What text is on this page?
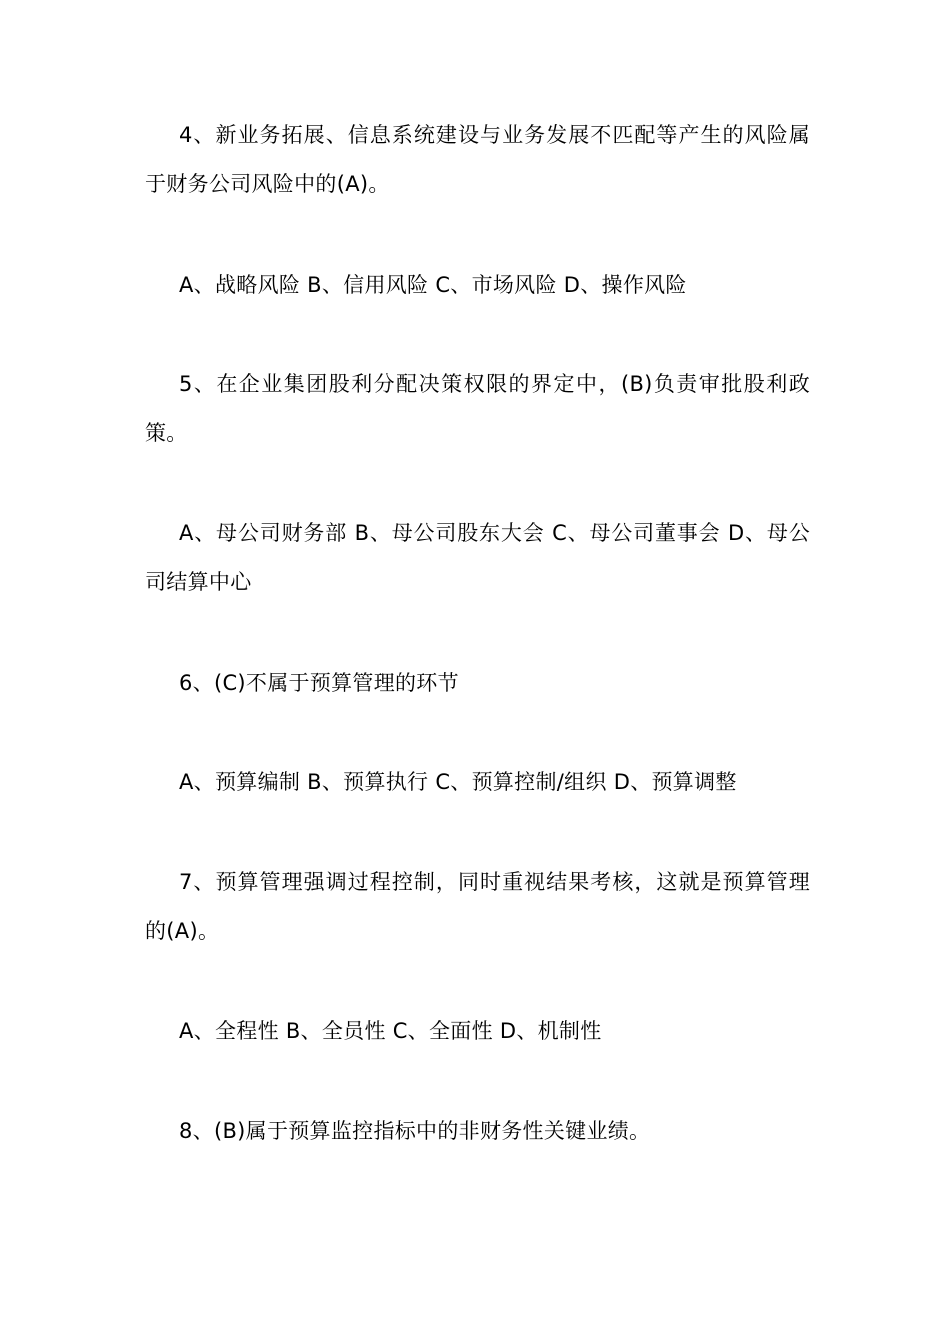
4、新业务拓展、信息系统建设与业务发展不匹配等产生的风险属于财务公司风险中的(A)。

A、战略风险 B、信用风险 C、市场风险 D、操作风险

5、在企业集团股利分配决策权限的界定中，(B)负责审批股利政策。

A、母公司财务部 B、母公司股东大会 C、母公司董事会 D、母公司结算中心

6、(C)不属于预算管理的环节

A、预算编制 B、预算执行 C、预算控制/组织 D、预算调整

7、预算管理强调过程控制，同时重视结果考核，这就是预算管理的(A)。

A、全程性 B、全员性 C、全面性 D、机制性

8、(B)属于预算监控指标中的非财务性关键业绩。
